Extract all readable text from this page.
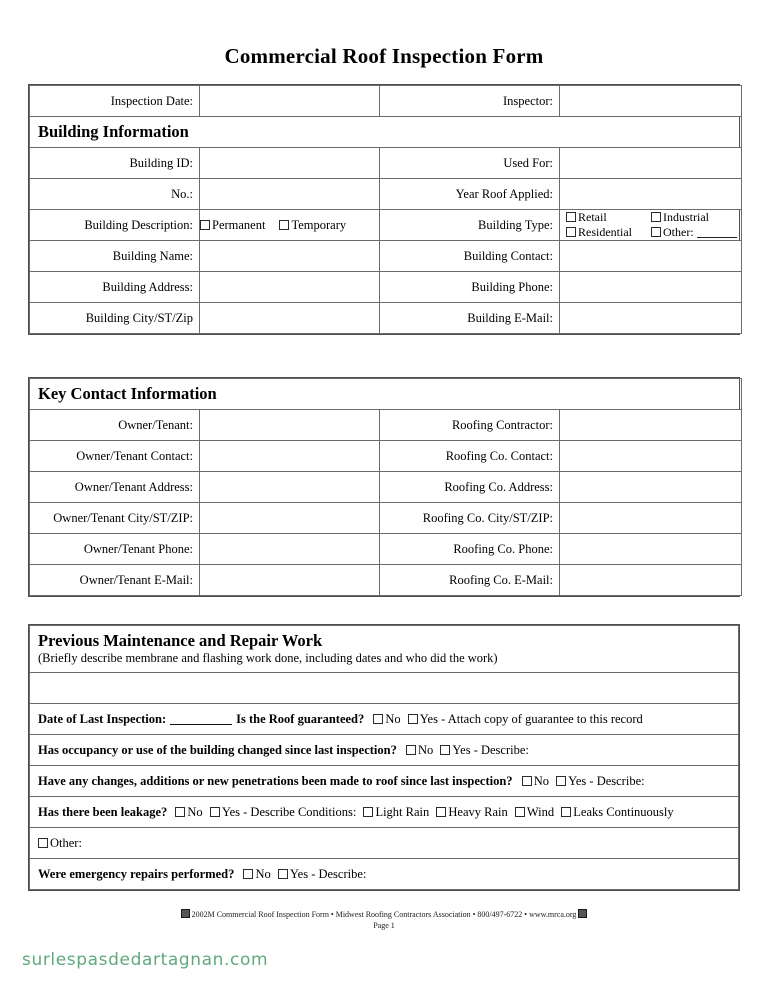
Commercial Roof Inspection Form
Inspection Date:		Inspector:	
Building Information			
Building ID:		Used For:	
No.:		Year Roof Applied:	
Building Description:	Permanent Temporary	Building Type:	Retail Industrial
Residential Other:

Building Name:		Building Contact:	
Building Address:		Building Phone:	
Building City/ST/Zip		Building E-Mail:	
Key Contact Information			
Owner/Tenant:		Roofing Contractor:	
Owner/Tenant Contact:		Roofing Co. Contact:	
Owner/Tenant Address:		Roofing Co. Address:	
Owner/Tenant City/ST/ZIP:		Roofing Co. City/ST/ZIP:	
Owner/Tenant Phone:		Roofing Co. Phone:	
Owner/Tenant E-Mail:		Roofing Co. E-Mail:	
Previous Maintenance and Repair Work
(Briefly describe membrane and flashing work done, including dates and who did the work)

Date of Last Inspection:	Is the Roof guaranteed? No Yes - Attach copy of guarantee to this record
Has occupancy or use of the building changed since last inspection? No Yes - Describe:
Have any changes, additions or new penetrations been made to roof since last inspection? No Yes - Describe:
Has there been leakage? No Yes - Describe Conditions: Light Rain Heavy Rain Wind Leaks Continuously
Other:
Were emergency repairs performed? No Yes - Describe:
2002M Commercial Roof Inspection Form • Midwest Roofing Contractors Association • 800/497-6722 • www.mrca.org
Page 1
surlespasdedartagnan.com
